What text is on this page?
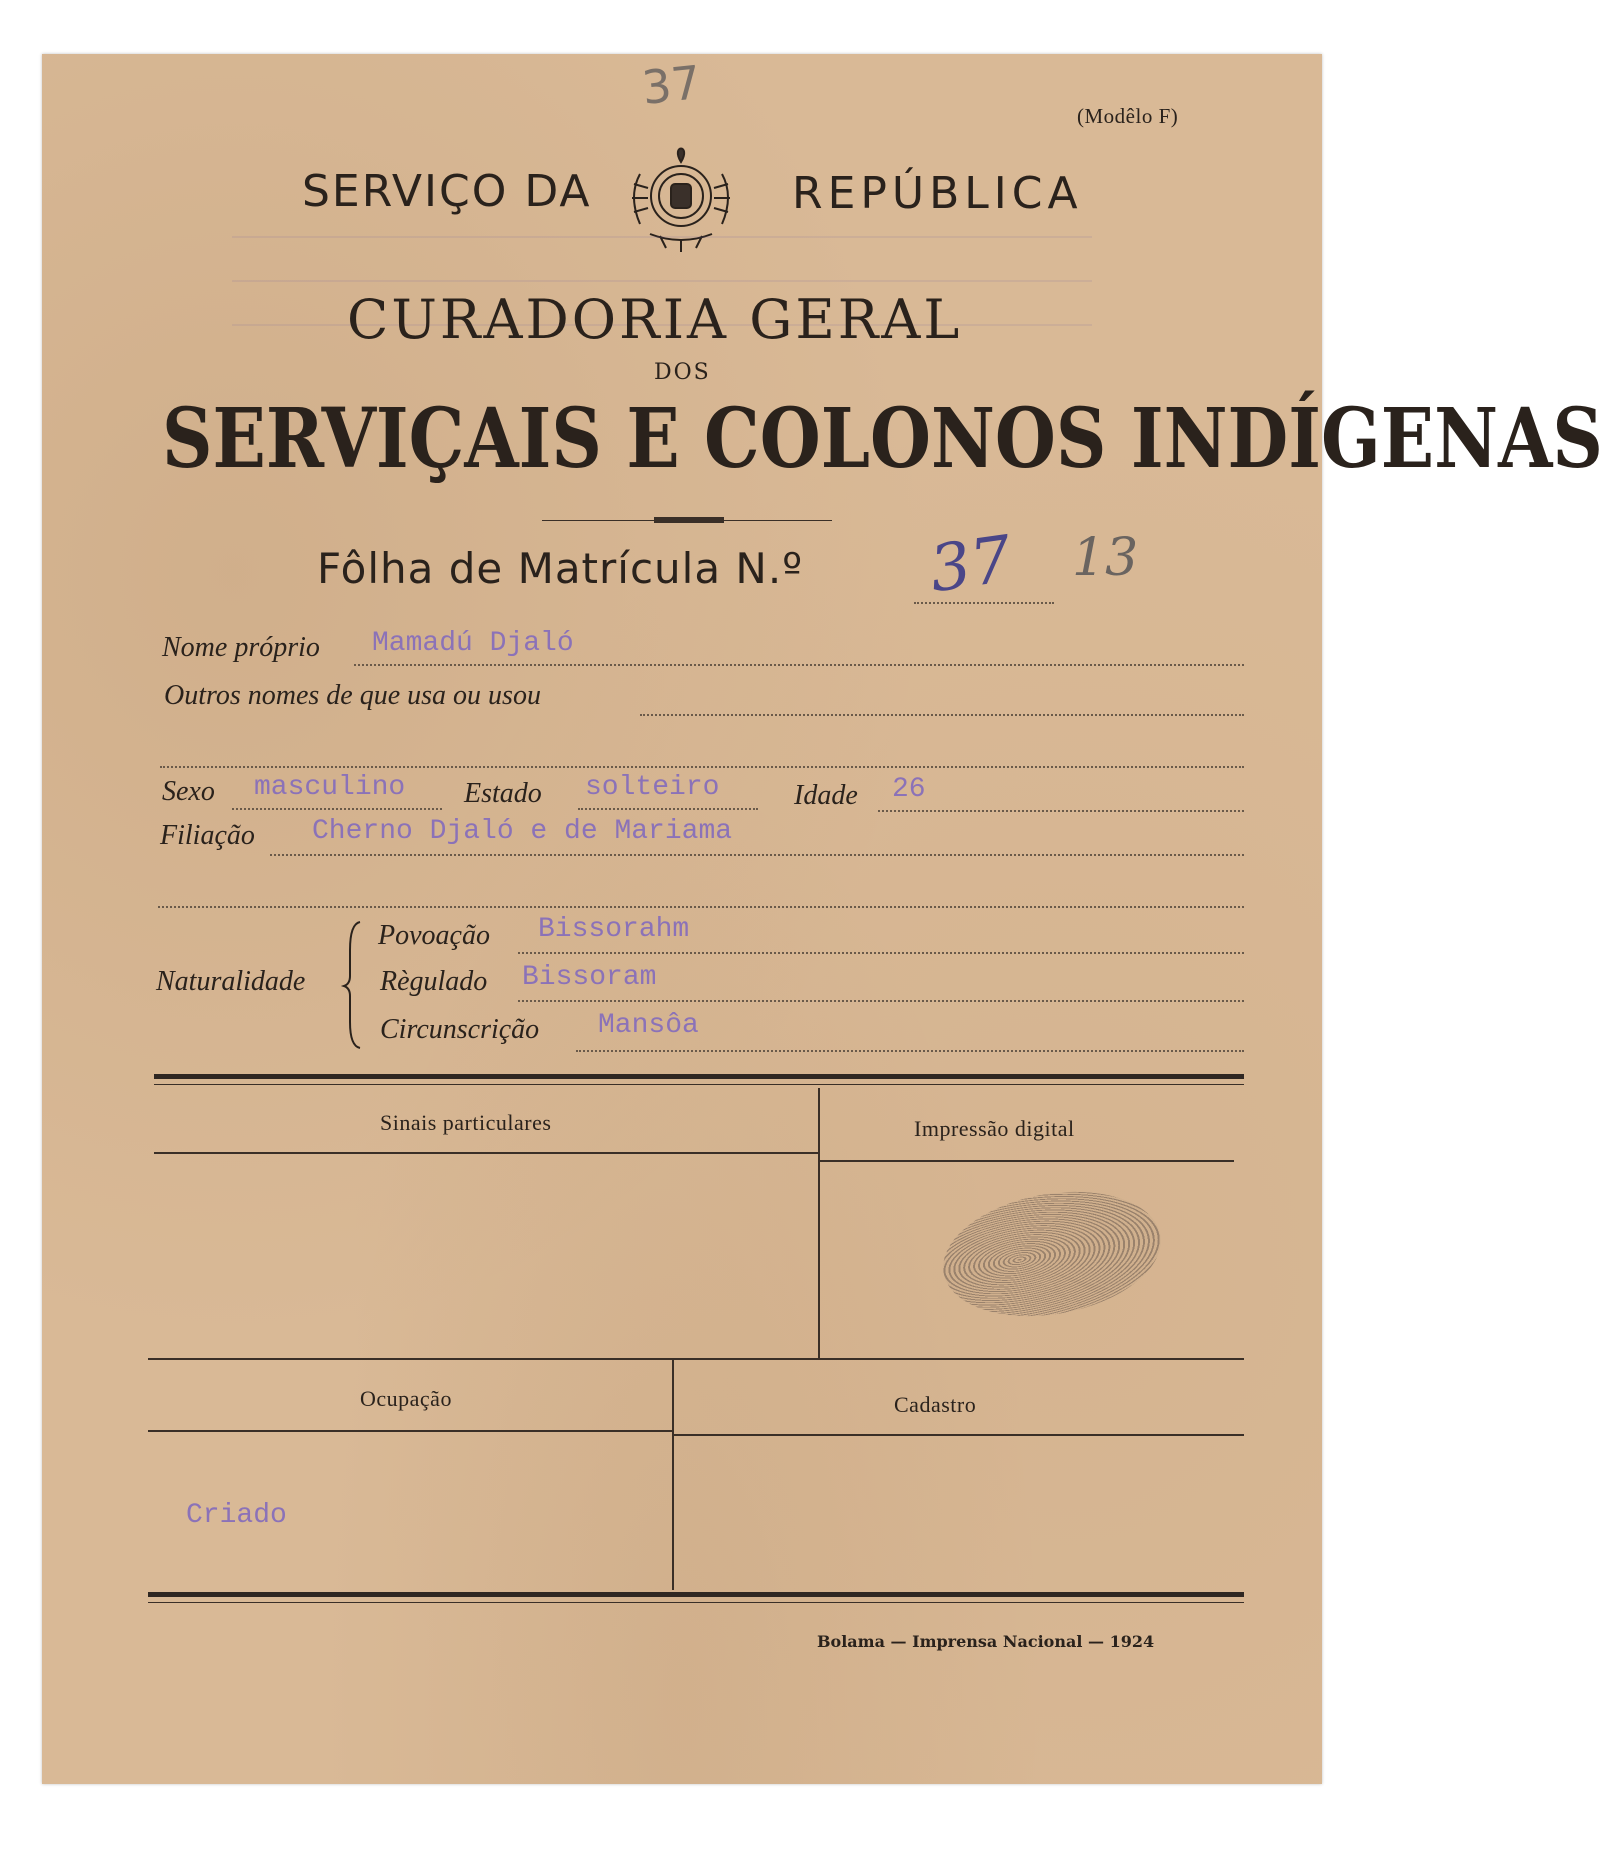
37
(Modêlo F)
SERVIÇO DA	REPÚBLICA
CURADORIA GERAL
DOS
SERVIÇAIS E COLONOS INDÍGENAS
Fôlha de Matrícula N.º 37 13
Nome próprio Mamadú Djaló
Outros nomes de que usa ou usou
Sexo masculino Estado solteiro	Idade 26
Filiação Cherno Djaló e de Mariama
Naturalidade
Povoação Bissorahm
Règulado Bissoram
Circunscrição Mansôa
Sinais particulares	Impressão digital
Ocupação	Cadastro
Criado
Bolama — Imprensa Nacional — 1924
